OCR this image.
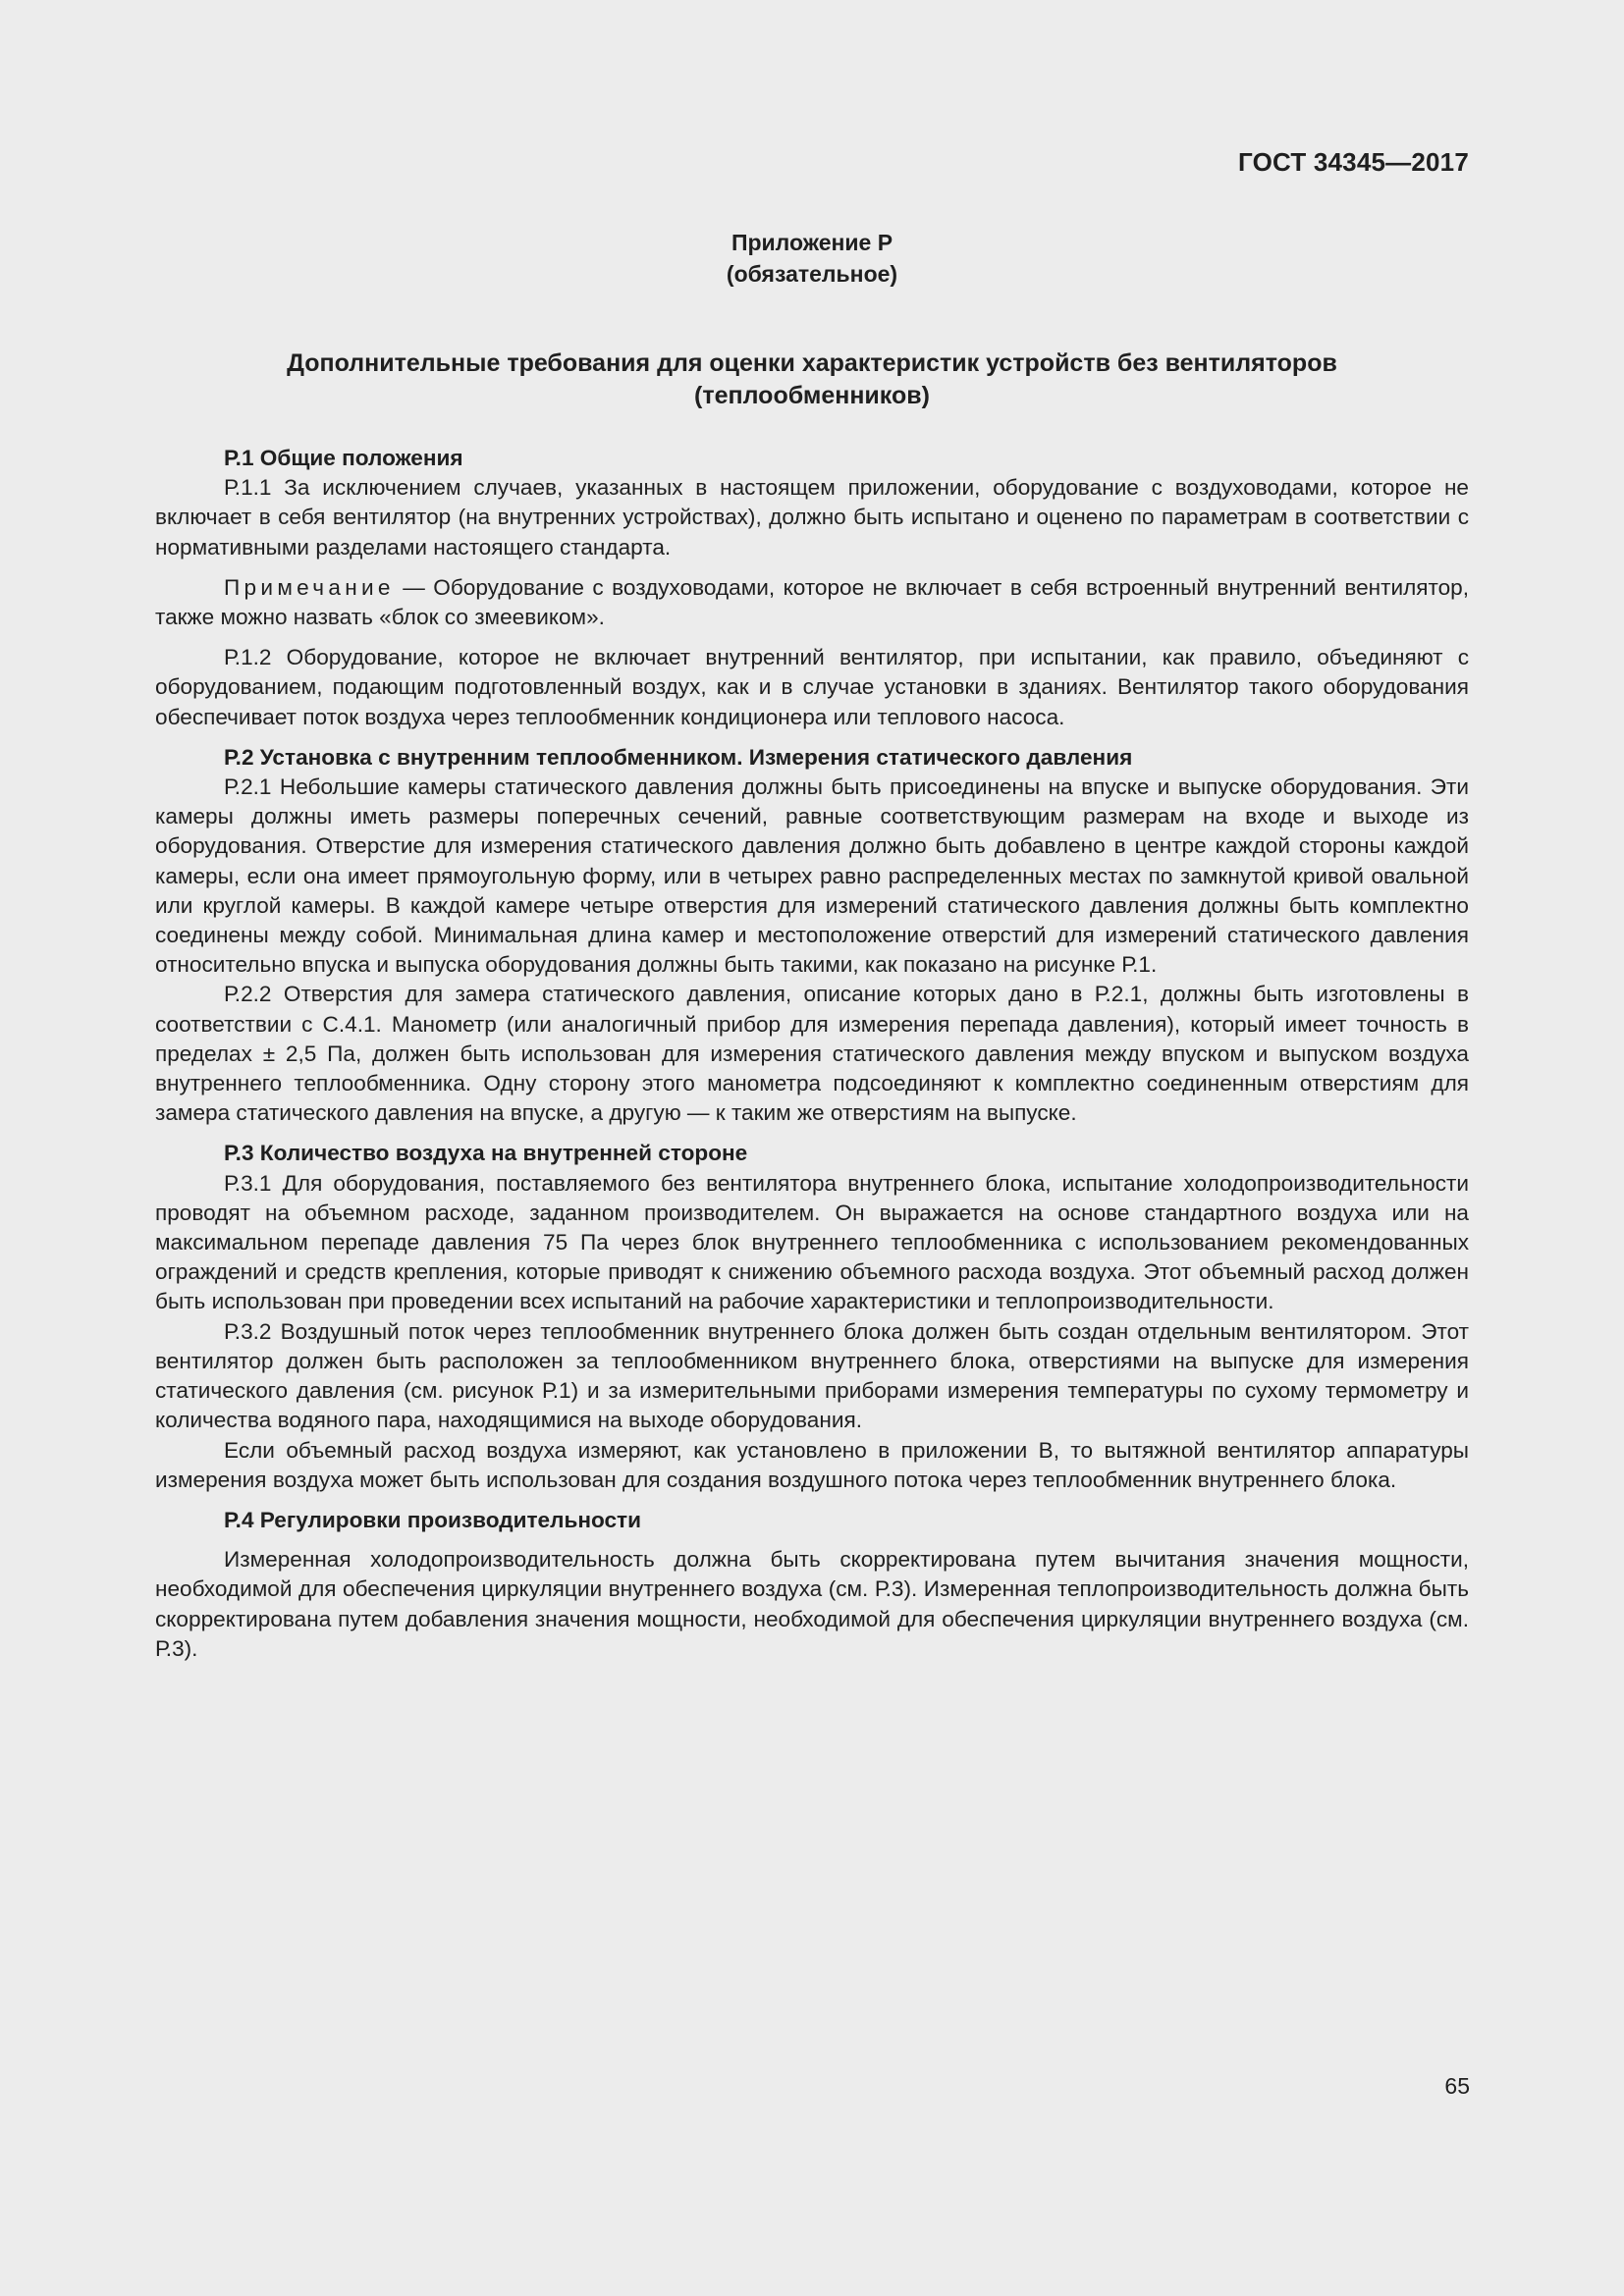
ГОСТ 34345—2017
Приложение Р
(обязательное)
Дополнительные требования для оценки характеристик устройств без вентиляторов
(теплообменников)

Р.1 Общие положения

Р.1.1 За исключением случаев, указанных в настоящем приложении, оборудование с воздуховодами, которое не включает в себя вентилятор (на внутренних устройствах), должно быть испытано и оценено по параметрам в соответствии с нормативными разделами настоящего стандарта.

Примечание — Оборудование с воздуховодами, которое не включает в себя встроенный внутренний вентилятор, также можно назвать «блок со змеевиком».

Р.1.2 Оборудование, которое не включает внутренний вентилятор, при испытании, как правило, объединяют с оборудованием, подающим подготовленный воздух, как и в случае установки в зданиях. Вентилятор такого оборудования обеспечивает поток воздуха через теплообменник кондиционера или теплового насоса.

Р.2 Установка с внутренним теплообменником. Измерения статического давления

Р.2.1 Небольшие камеры статического давления должны быть присоединены на впуске и выпуске оборудования. Эти камеры должны иметь размеры поперечных сечений, равные соответствующим размерам на входе и выходе из оборудования. Отверстие для измерения статического давления должно быть добавлено в центре каждой стороны каждой камеры, если она имеет прямоугольную форму, или в четырех равно распределенных местах по замкнутой кривой овальной или круглой камеры. В каждой камере четыре отверстия для измерений статического давления должны быть комплектно соединены между собой. Минимальная длина камер и местоположение отверстий для измерений статического давления относительно впуска и выпуска оборудования должны быть такими, как показано на рисунке Р.1.

Р.2.2 Отверстия для замера статического давления, описание которых дано в Р.2.1, должны быть изготовлены в соответствии с С.4.1. Манометр (или аналогичный прибор для измерения перепада давления), который имеет точность в пределах ± 2,5 Па, должен быть использован для измерения статического давления между впуском и выпуском воздуха внутреннего теплообменника. Одну сторону этого манометра подсоединяют к комплектно соединенным отверстиям для замера статического давления на впуске, а другую — к таким же отверстиям на выпуске.

Р.3 Количество воздуха на внутренней стороне

Р.3.1 Для оборудования, поставляемого без вентилятора внутреннего блока, испытание холодопроизводительности проводят на объемном расходе, заданном производителем. Он выражается на основе стандартного воздуха или на максимальном перепаде давления 75 Па через блок внутреннего теплообменника с использованием рекомендованных ограждений и средств крепления, которые приводят к снижению объемного расхода воздуха. Этот объемный расход должен быть использован при проведении всех испытаний на рабочие характеристики и теплопроизводительности.

Р.3.2 Воздушный поток через теплообменник внутреннего блока должен быть создан отдельным вентилятором. Этот вентилятор должен быть расположен за теплообменником внутреннего блока, отверстиями на выпуске для измерения статического давления (см. рисунок Р.1) и за измерительными приборами измерения температуры по сухому термометру и количества водяного пара, находящимися на выходе оборудования.

Если объемный расход воздуха измеряют, как установлено в приложении В, то вытяжной вентилятор аппаратуры измерения воздуха может быть использован для создания воздушного потока через теплообменник внутреннего блока.

Р.4 Регулировки производительности

Измеренная холодопроизводительность должна быть скорректирована путем вычитания значения мощности, необходимой для обеспечения циркуляции внутреннего воздуха (см. Р.3). Измеренная теплопроизводительность должна быть скорректирована путем добавления значения мощности, необходимой для обеспечения циркуляции внутреннего воздуха (см. Р.3).

65
